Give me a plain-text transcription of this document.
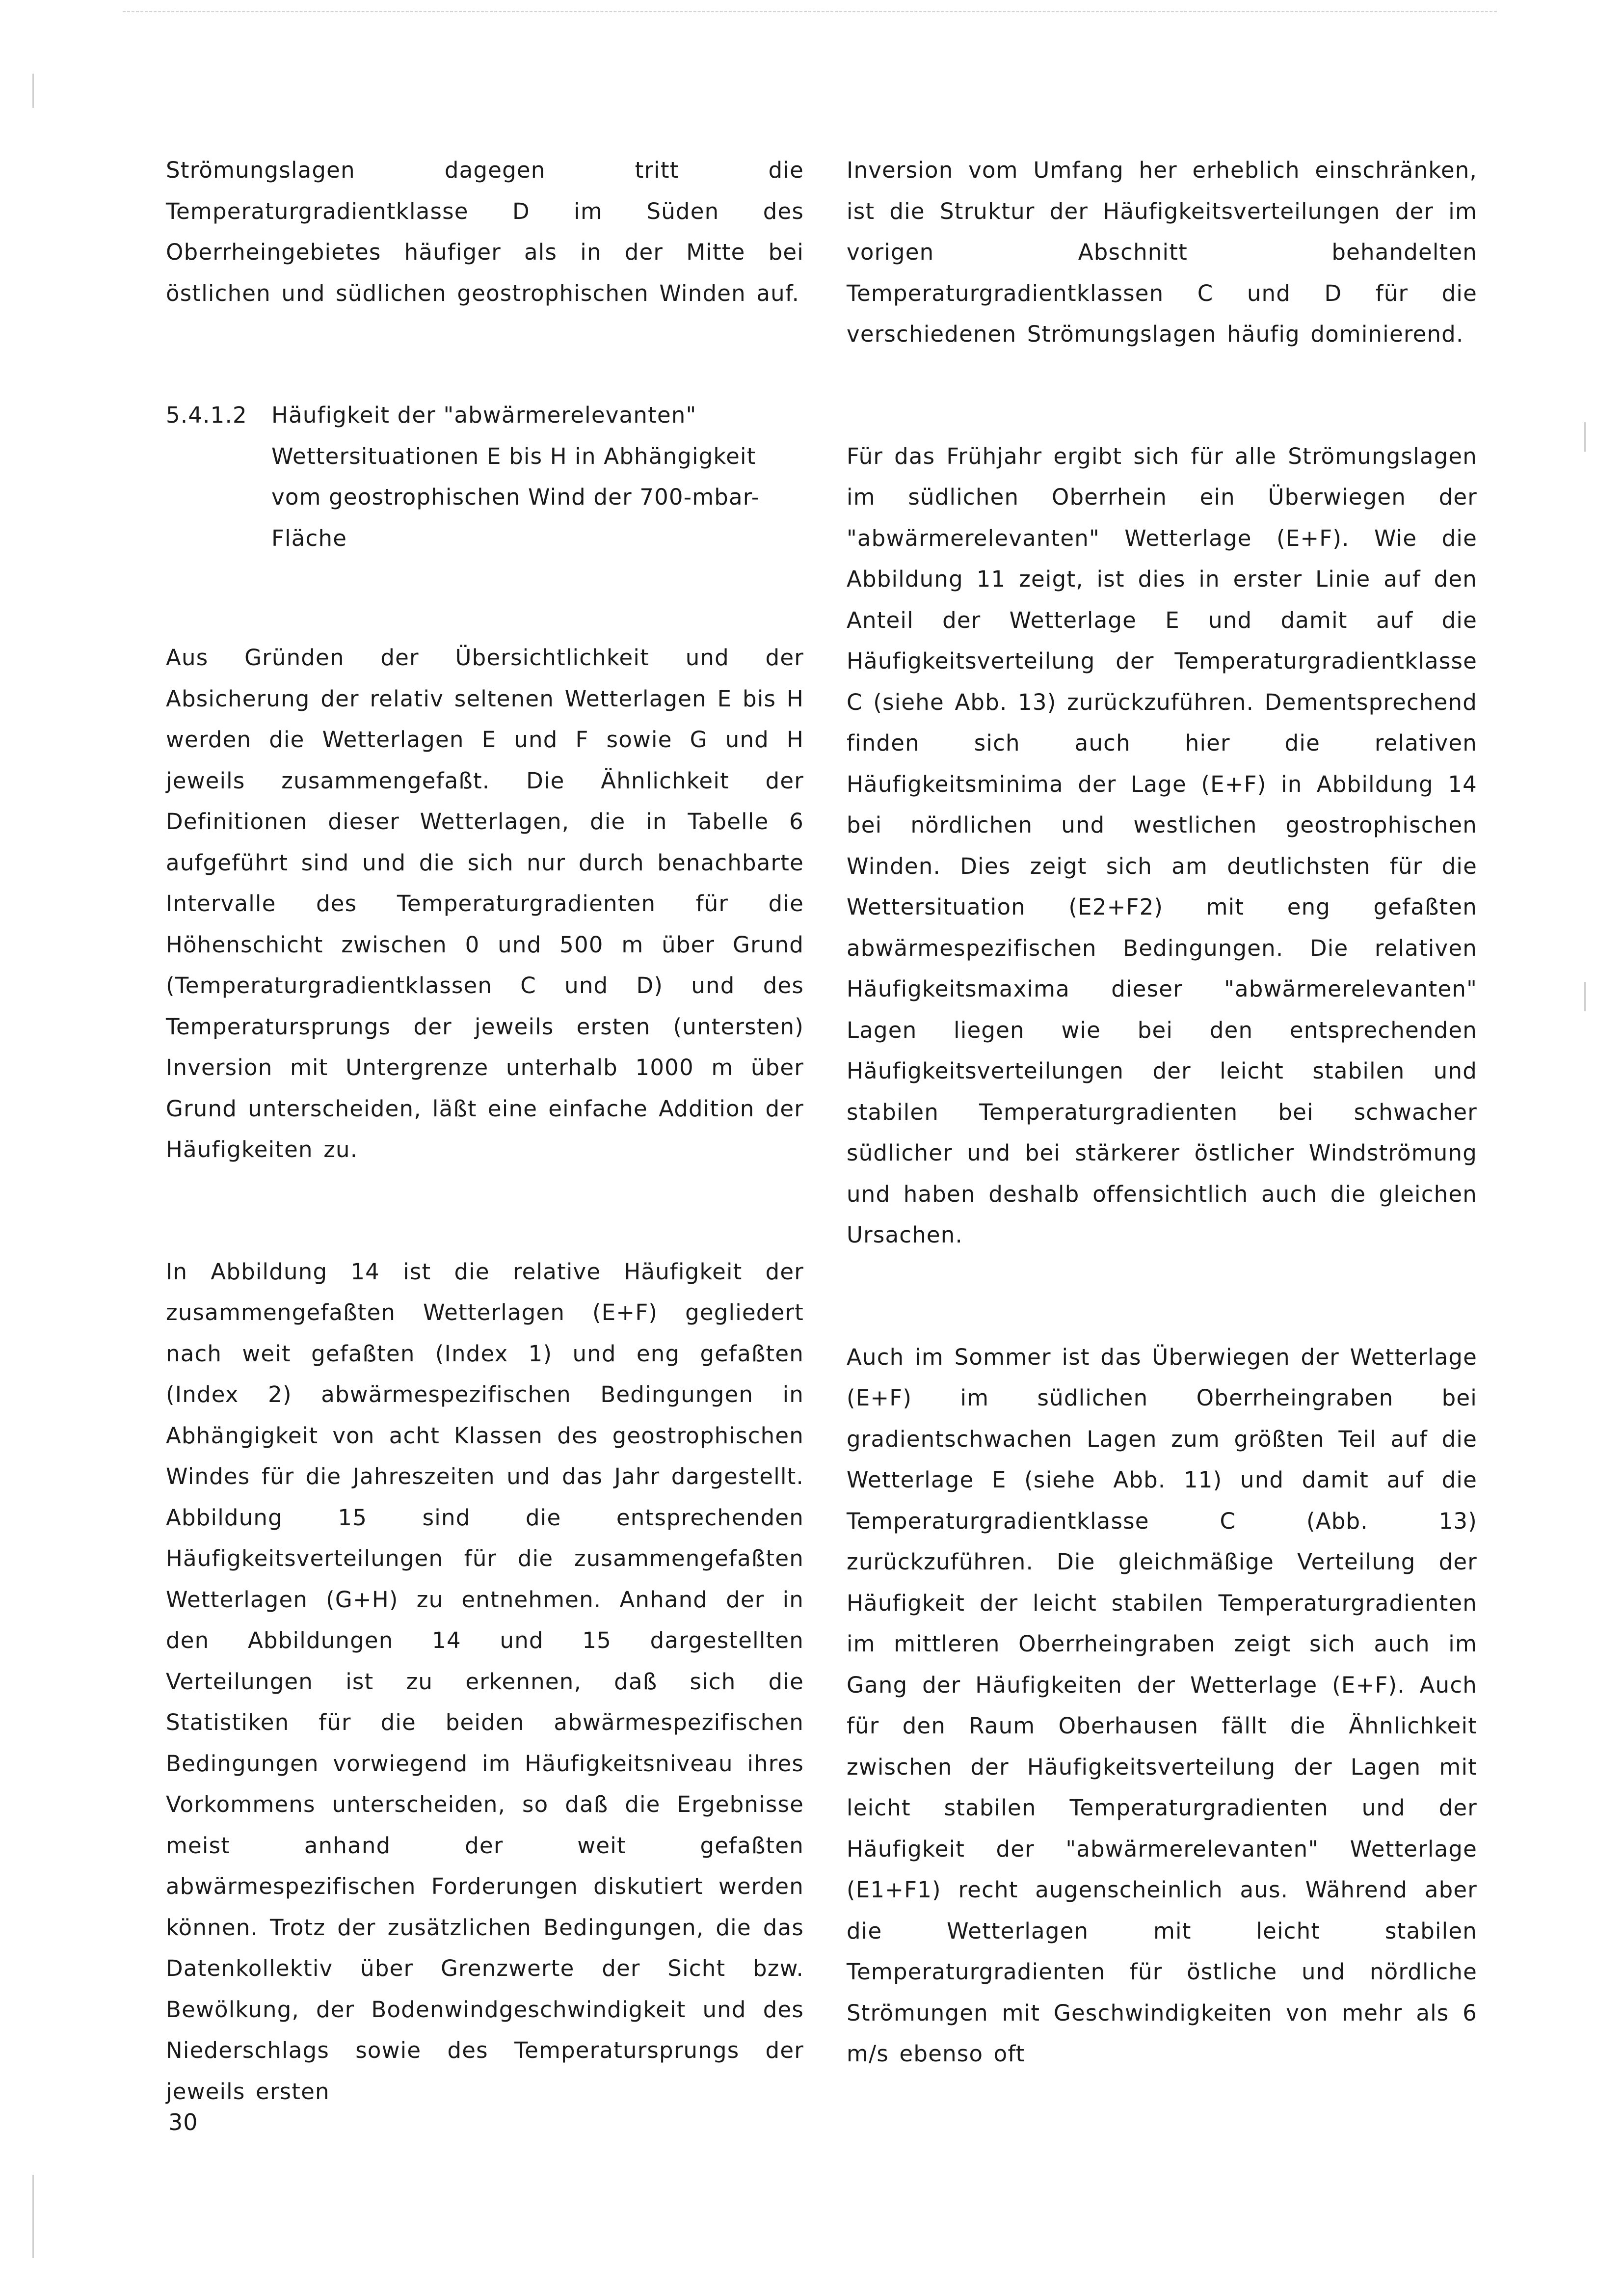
Strömungslagen dagegen tritt die Temperaturgradientklasse D im Süden des Oberrheingebietes häufiger als in der Mitte bei östlichen und südlichen geostrophischen Winden auf.

5.4.1.2 Häufigkeit der "abwärmerelevanten" Wettersituationen E bis H in Abhängigkeit vom geostrophischen Wind der 700-mbar-Fläche

Aus Gründen der Übersichtlichkeit und der Absicherung der relativ seltenen Wetterlagen E bis H werden die Wetterlagen E und F sowie G und H jeweils zusammengefaßt. Die Ähnlichkeit der Definitionen dieser Wetterlagen, die in Tabelle 6 aufgeführt sind und die sich nur durch benachbarte Intervalle des Temperaturgradienten für die Höhenschicht zwischen 0 und 500 m über Grund (Temperaturgradientklassen C und D) und des Temperatursprungs der jeweils ersten (untersten) Inversion mit Untergrenze unterhalb 1000 m über Grund unterscheiden, läßt eine einfache Addition der Häufigkeiten zu.

In Abbildung 14 ist die relative Häufigkeit der zusammengefaßten Wetterlagen (E+F) gegliedert nach weit gefaßten (Index 1) und eng gefaßten (Index 2) abwärmespezifischen Bedingungen in Abhängigkeit von acht Klassen des geostrophischen Windes für die Jahreszeiten und das Jahr dargestellt. Abbildung 15 sind die entsprechenden Häufigkeitsverteilungen für die zusammengefaßten Wetterlagen (G+H) zu entnehmen. Anhand der in den Abbildungen 14 und 15 dargestellten Verteilungen ist zu erkennen, daß sich die Statistiken für die beiden abwärmespezifischen Bedingungen vorwiegend im Häufigkeitsniveau ihres Vorkommens unterscheiden, so daß die Ergebnisse meist anhand der weit gefaßten abwärmespezifischen Forderungen diskutiert werden können. Trotz der zusätzlichen Bedingungen, die das Datenkollektiv über Grenzwerte der Sicht bzw. Bewölkung, der Bodenwindgeschwindigkeit und des Niederschlags sowie des Temperatursprungs der jeweils ersten

Inversion vom Umfang her erheblich einschränken, ist die Struktur der Häufigkeitsverteilungen der im vorigen Abschnitt behandelten Temperaturgradientklassen C und D für die verschiedenen Strömungslagen häufig dominierend.

Für das Frühjahr ergibt sich für alle Strömungslagen im südlichen Oberrhein ein Überwiegen der "abwärmerelevanten" Wetterlage (E+F). Wie die Abbildung 11 zeigt, ist dies in erster Linie auf den Anteil der Wetterlage E und damit auf die Häufigkeitsverteilung der Temperaturgradientklasse C (siehe Abb. 13) zurückzuführen. Dementsprechend finden sich auch hier die relativen Häufigkeitsminima der Lage (E+F) in Abbildung 14 bei nördlichen und westlichen geostrophischen Winden. Dies zeigt sich am deutlichsten für die Wettersituation (E2+F2) mit eng gefaßten abwärmespezifischen Bedingungen. Die relativen Häufigkeitsmaxima dieser "abwärmerelevanten" Lagen liegen wie bei den entsprechenden Häufigkeitsverteilungen der leicht stabilen und stabilen Temperaturgradienten bei schwacher südlicher und bei stärkerer östlicher Windströmung und haben deshalb offensichtlich auch die gleichen Ursachen.

Auch im Sommer ist das Überwiegen der Wetterlage (E+F) im südlichen Oberrheingraben bei gradientschwachen Lagen zum größten Teil auf die Wetterlage E (siehe Abb. 11) und damit auf die Temperaturgradientklasse C (Abb. 13) zurückzuführen. Die gleichmäßige Verteilung der Häufigkeit der leicht stabilen Temperaturgradienten im mittleren Oberrheingraben zeigt sich auch im Gang der Häufigkeiten der Wetterlage (E+F). Auch für den Raum Oberhausen fällt die Ähnlichkeit zwischen der Häufigkeitsverteilung der Lagen mit leicht stabilen Temperaturgradienten und der Häufigkeit der "abwärmerelevanten" Wetterlage (E1+F1) recht augenscheinlich aus. Während aber die Wetterlagen mit leicht stabilen Temperaturgradienten für östliche und nördliche Strömungen mit Geschwindigkeiten von mehr als 6 m/s ebenso oft

30
